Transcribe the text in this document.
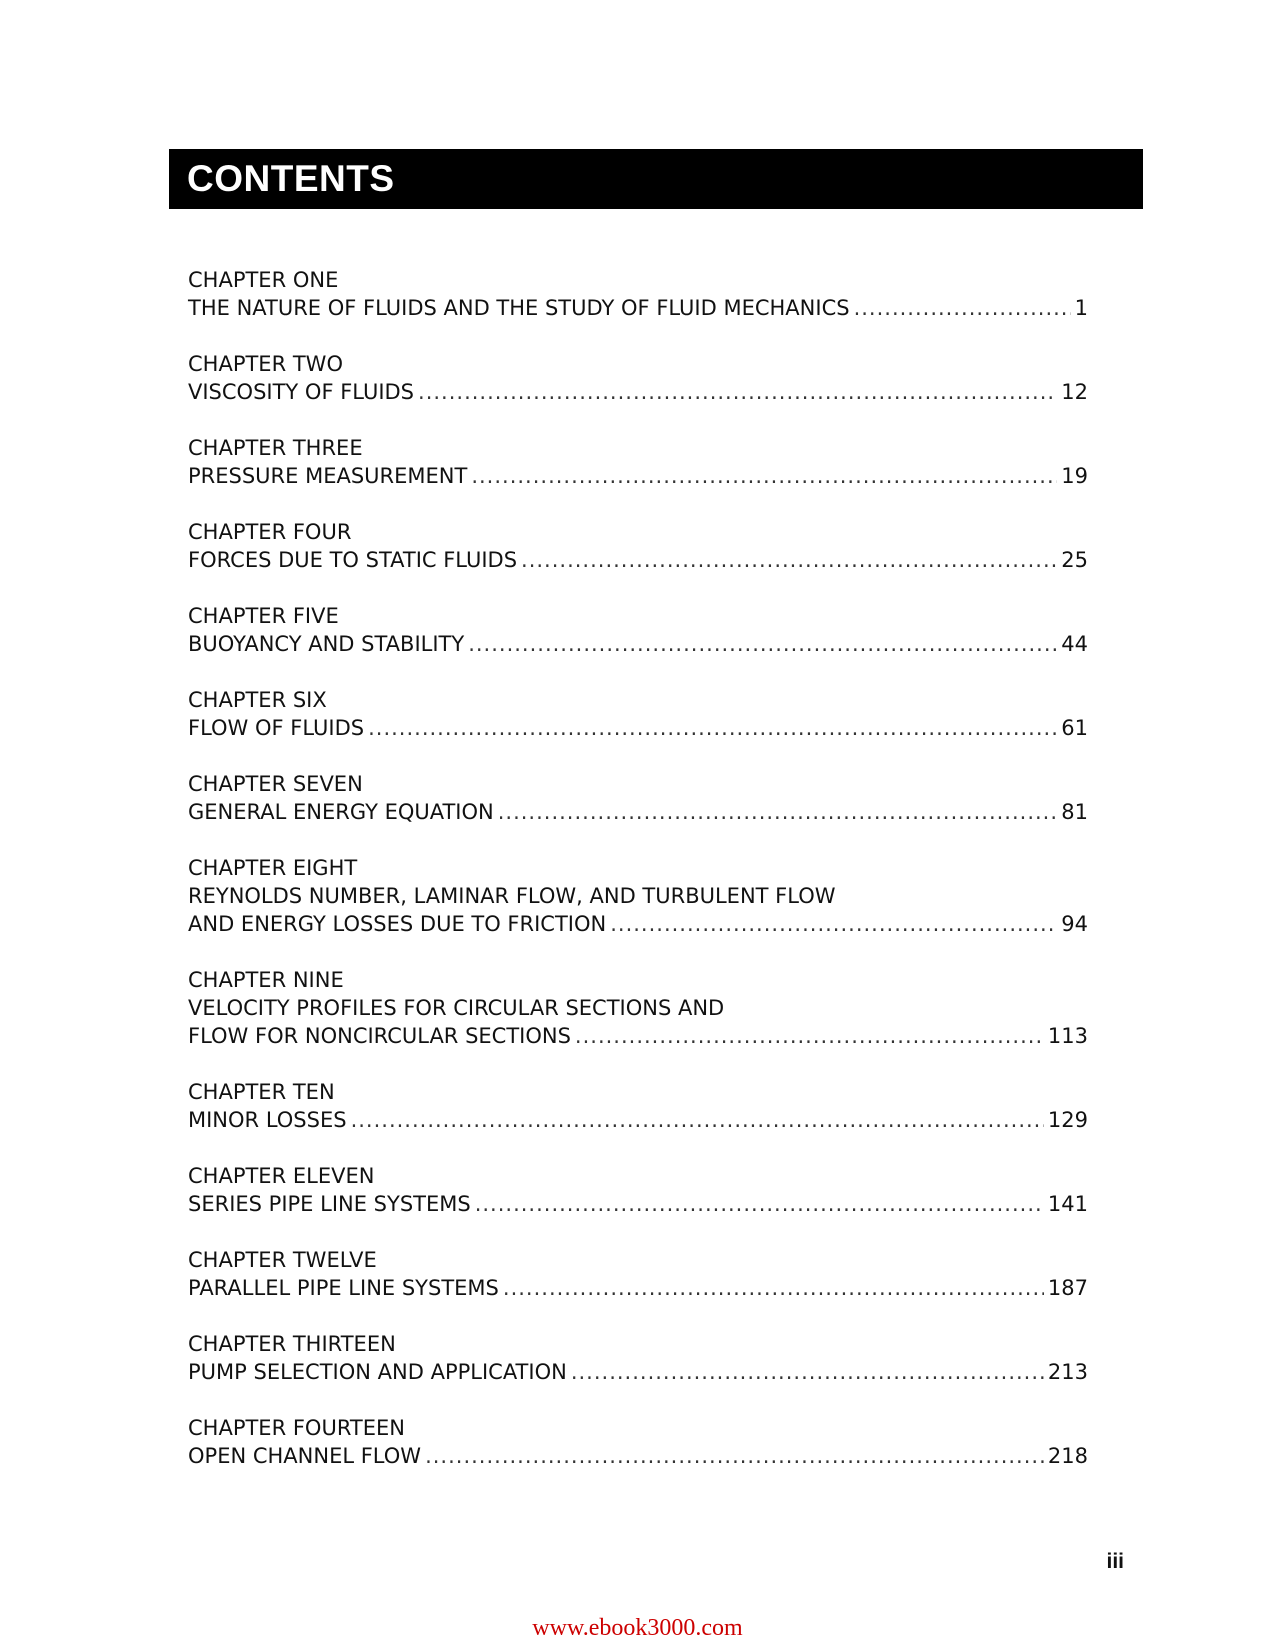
CONTENTS
CHAPTER ONE
THE NATURE OF FLUIDS AND THE STUDY OF FLUID MECHANICS .....	1
CHAPTER TWO
VISCOSITY OF FLUIDS .....	12
CHAPTER THREE
PRESSURE MEASUREMENT .....	19
CHAPTER FOUR
FORCES DUE TO STATIC FLUIDS .....	25
CHAPTER FIVE
BUOYANCY AND STABILITY .....	44
CHAPTER SIX
FLOW OF FLUIDS .....	61
CHAPTER SEVEN
GENERAL ENERGY EQUATION .....	81
CHAPTER EIGHT
REYNOLDS NUMBER, LAMINAR FLOW, AND TURBULENT FLOW
AND ENERGY LOSSES DUE TO FRICTION .....	94
CHAPTER NINE
VELOCITY PROFILES FOR CIRCULAR SECTIONS AND
FLOW FOR NONCIRCULAR SECTIONS .....	113
CHAPTER TEN
MINOR LOSSES .....	129
CHAPTER ELEVEN
SERIES PIPE LINE SYSTEMS .....	141
CHAPTER TWELVE
PARALLEL PIPE LINE SYSTEMS .....	187
CHAPTER THIRTEEN
PUMP SELECTION AND APPLICATION .....	213
CHAPTER FOURTEEN
OPEN CHANNEL FLOW .....	218
iii
www.ebook3000.com
